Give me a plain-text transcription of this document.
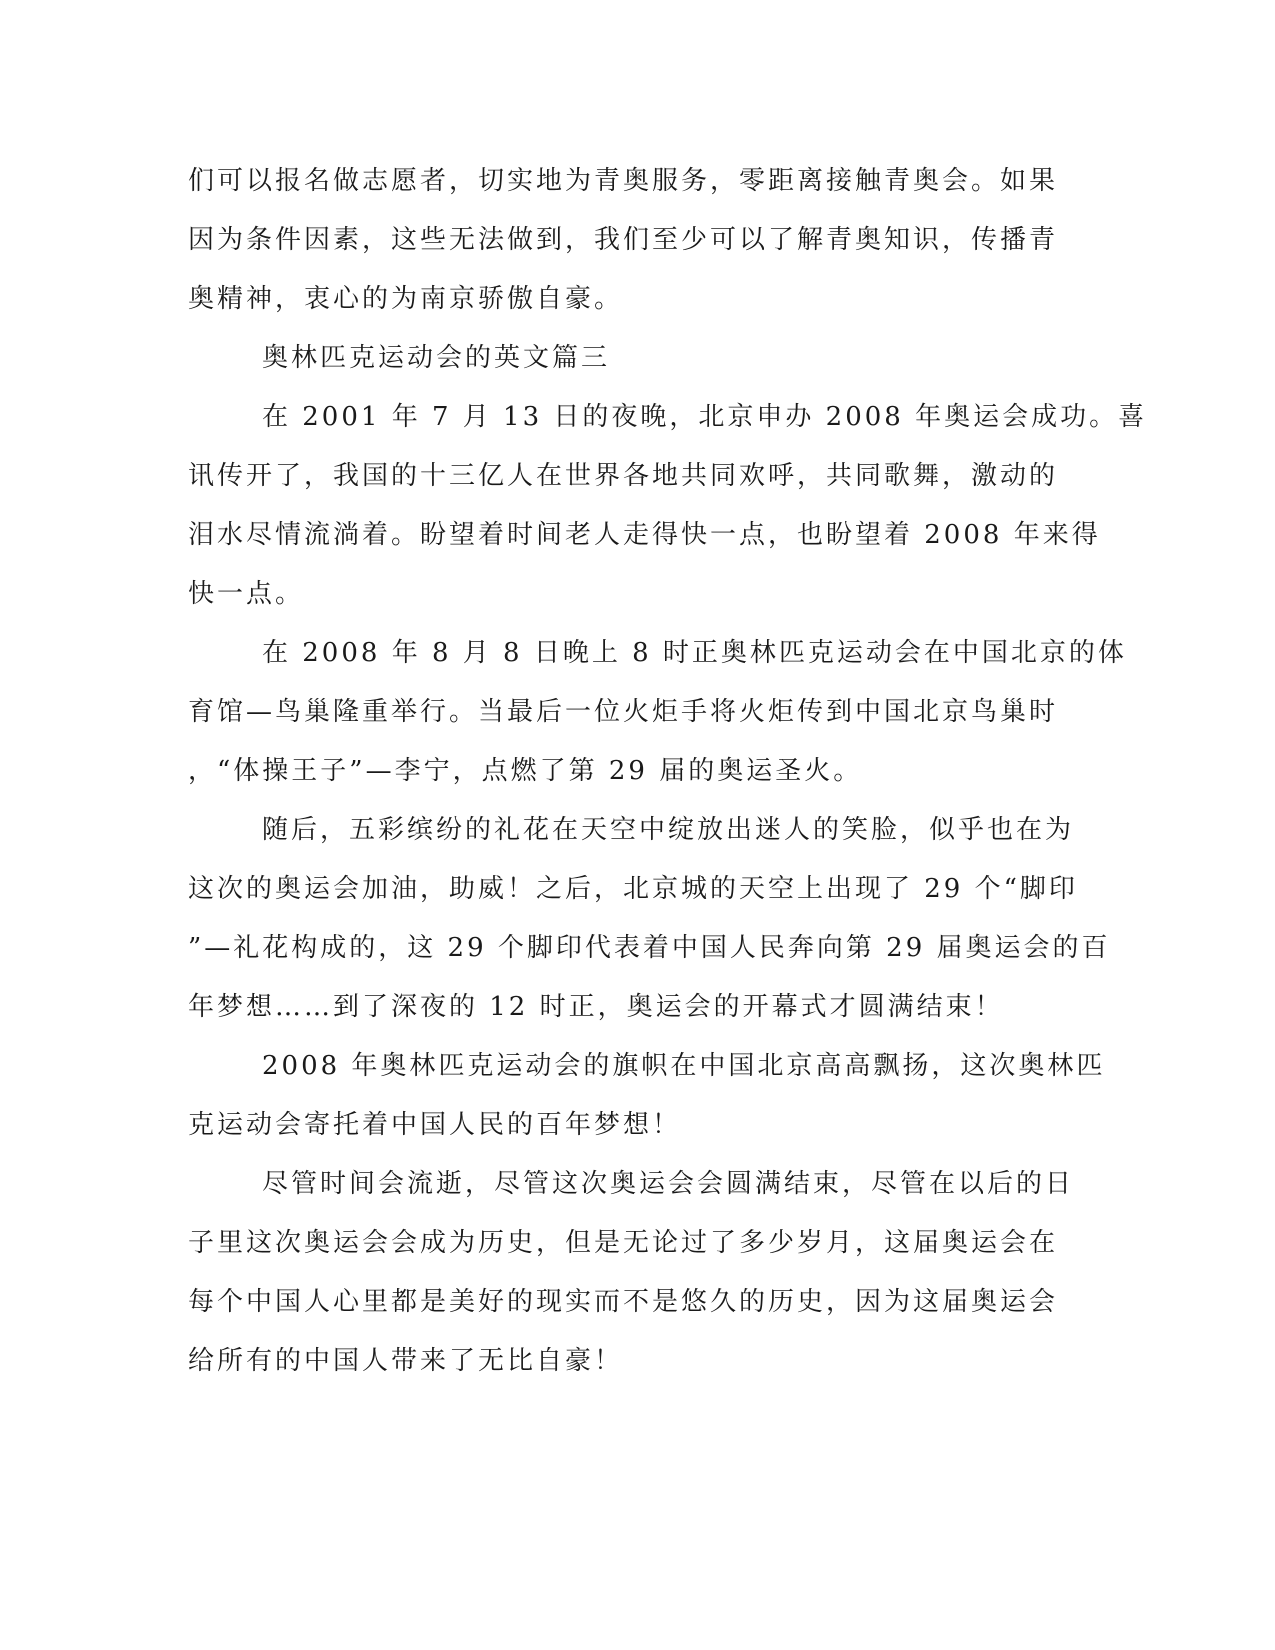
们可以报名做志愿者，切实地为青奥服务，零距离接触青奥会。如果

因为条件因素，这些无法做到，我们至少可以了解青奥知识，传播青

奥精神，衷心的为南京骄傲自豪。

奥林匹克运动会的英文篇三

在 2001 年 7 月 13 日的夜晚，北京申办 2008 年奥运会成功。喜

讯传开了，我国的十三亿人在世界各地共同欢呼，共同歌舞，激动的

泪水尽情流淌着。盼望着时间老人走得快一点，也盼望着 2008 年来得

快一点。

在 2008 年 8 月 8 日晚上 8 时正奥林匹克运动会在中国北京的体

育馆—鸟巢隆重举行。当最后一位火炬手将火炬传到中国北京鸟巢时

，“体操王子”—李宁，点燃了第 29 届的奥运圣火。

随后，五彩缤纷的礼花在天空中绽放出迷人的笑脸，似乎也在为

这次的奥运会加油，助威！之后，北京城的天空上出现了 29 个“脚印

”—礼花构成的，这 29 个脚印代表着中国人民奔向第 29 届奥运会的百

年梦想……到了深夜的 12 时正，奥运会的开幕式才圆满结束！

2008 年奥林匹克运动会的旗帜在中国北京高高飘扬，这次奥林匹

克运动会寄托着中国人民的百年梦想！

尽管时间会流逝，尽管这次奥运会会圆满结束，尽管在以后的日

子里这次奥运会会成为历史，但是无论过了多少岁月，这届奥运会在

每个中国人心里都是美好的现实而不是悠久的历史，因为这届奥运会

给所有的中国人带来了无比自豪！
